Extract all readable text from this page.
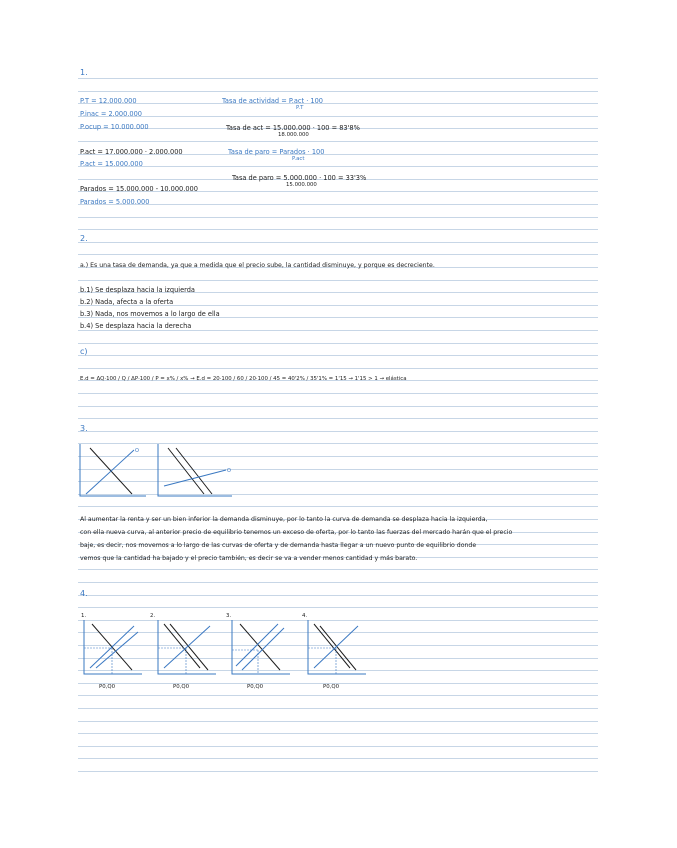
1.
P.T = 12.000.000
P.inac = 2.000.000
P.ocup = 10.000.000
Tasa de actividad = P.act · 100
P.T
Tasa de act = 15.000.000 · 100 = 83'8%
18.000.000
P.act = 17.000.000 · 2.000.000
P.act = 15.000.000
Tasa de paro = Parados · 100
P.act
Tasa de paro = 5.000.000 · 100 = 33'3%
15.000.000
Parados = 15.000.000 - 10.000.000
Parados = 5.000.000
2.
a.) Es una tasa de demanda, ya que a medida que el precio sube, la cantidad disminuye, y porque es decreciente.
b.1) Se desplaza hacia la izquierda
b.2) Nada, afecta a la oferta
b.3) Nada, nos movemos a lo largo de ella
b.4) Se desplaza hacia la derecha
c)
E.d = ΔQ·100 / Q / ΔP·100 / P = x% / x% → E.d = 20·100 / 60 / 20·100 / 45 = 40'2% / 35'1% = 1'15 → 1'15 > 1 → elástica
3.
O
O
Al aumentar la renta y ser un bien inferior la demanda disminuye, por lo tanto la curva de demanda se desplaza hacia la izquierda,
con ella nueva curva, al anterior precio de equilibrio tenemos un exceso de oferta, por lo tanto las fuerzas del mercado harán que el precio
baje, es decir, nos movemos a lo largo de las curvas de oferta y de demanda hasta llegar a un nuevo punto de equilibrio donde
vemos que la cantidad ha bajado y el precio también, es decir se va a vender menos cantidad y más barato.
4.
1.
P0,Q0
2.
P0,Q0
3.
P0,Q0
4.
P0,Q0
